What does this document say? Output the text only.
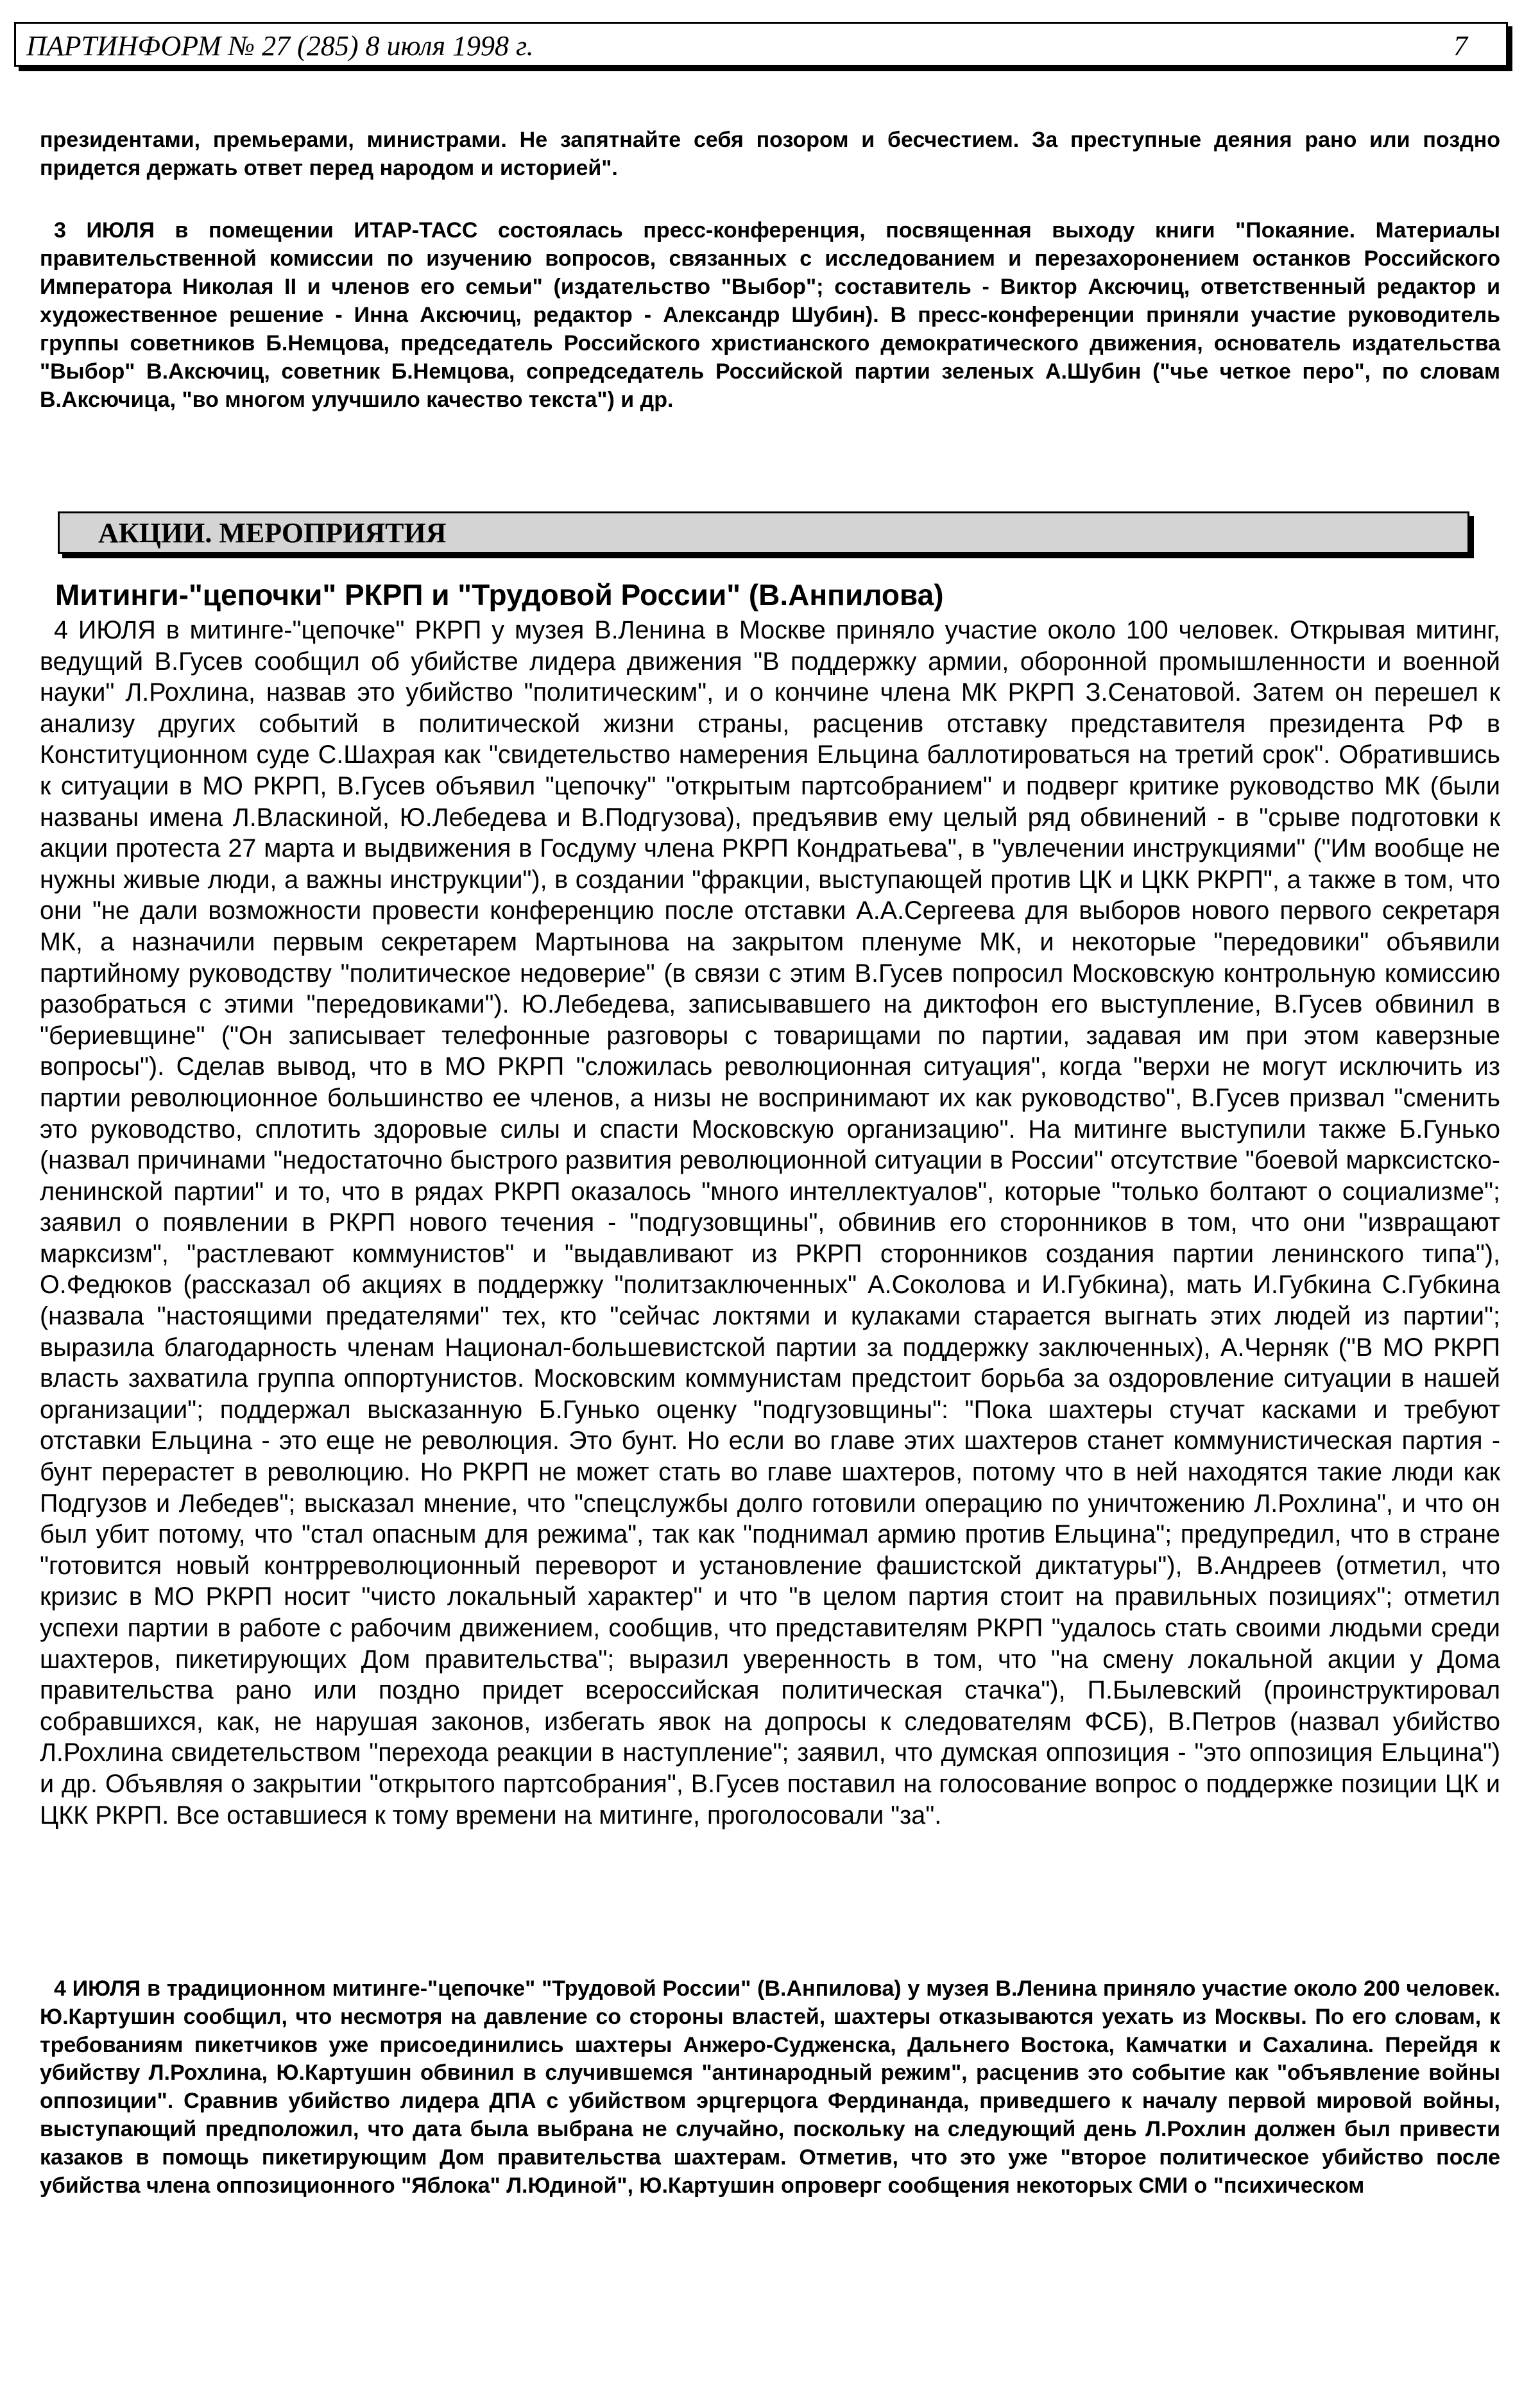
ПАРТИНФОРМ № 27 (285) 8 июля 1998 г.	7

президентами, премьерами, министрами. Не запятнайте себя позором и бесчестием. За преступные деяния рано или поздно придется держать ответ перед народом и историей".

3 ИЮЛЯ в помещении ИТАР-ТАСС состоялась пресс-конференция, посвященная выходу книги "Покаяние. Материалы правительственной комиссии по изучению вопросов, связанных с исследованием и перезахоронением останков Российского Императора Николая II и членов его семьи" (издательство "Выбор"; составитель - Виктор Аксючиц, ответственный редактор и художественное решение - Инна Аксючиц, редактор - Александр Шубин). В пресс-конференции приняли участие руководитель группы советников Б.Немцова, председатель Российского христианского демократического движения, основатель издательства "Выбор" В.Аксючиц, советник Б.Немцова, сопредседатель Российской партии зеленых А.Шубин ("чье четкое перо", по словам В.Аксючица, "во многом улучшило качество текста") и др.

АКЦИИ. МЕРОПРИЯТИЯ
Митинги-"цепочки" РКРП и "Трудовой России" (В.Анпилова)

4 ИЮЛЯ в митинге-"цепочке" РКРП у музея В.Ленина в Москве приняло участие около 100 человек. Открывая митинг, ведущий В.Гусев сообщил об убийстве лидера движения "В поддержку армии, оборонной промышленности и военной науки" Л.Рохлина, назвав это убийство "политическим", и о кончине члена МК РКРП З.Сенатовой. Затем он перешел к анализу других событий в политической жизни страны, расценив отставку представителя президента РФ в Конституционном суде С.Шахрая как "свидетельство намерения Ельцина баллотироваться на третий срок". Обратившись к ситуации в МО РКРП, В.Гусев объявил "цепочку" "открытым партсобранием" и подверг критике руководство МК (были названы имена Л.Власкиной, Ю.Лебедева и В.Подгузова), предъявив ему целый ряд обвинений - в "срыве подготовки к акции протеста 27 марта и выдвижения в Госдуму члена РКРП Кондратьева", в "увлечении инструкциями" ("Им вообще не нужны живые люди, а важны инструкции"), в создании "фракции, выступающей против ЦК и ЦКК РКРП", а также в том, что они "не дали возможности провести конференцию после отставки А.А.Сергеева для выборов нового первого секретаря МК, а назначили первым секретарем Мартынова на закрытом пленуме МК, и некоторые "передовики" объявили партийному руководству "политическое недоверие" (в связи с этим В.Гусев попросил Московскую контрольную комиссию разобраться с этими "передовиками"). Ю.Лебедева, записывавшего на диктофон его выступление, В.Гусев обвинил в "бериевщине" ("Он записывает телефонные разговоры с товарищами по партии, задавая им при этом каверзные вопросы"). Сделав вывод, что в МО РКРП "сложилась революционная ситуация", когда "верхи не могут исключить из партии революционное большинство ее членов, а низы не воспринимают их как руководство", В.Гусев призвал "сменить это руководство, сплотить здоровые силы и спасти Московскую организацию". На митинге выступили также Б.Гунько (назвал причинами "недостаточно быстрого развития революционной ситуации в России" отсутствие "боевой марксистско-ленинской партии" и то, что в рядах РКРП оказалось "много интеллектуалов", которые "только болтают о социализме"; заявил о появлении в РКРП нового течения - "подгузовщины", обвинив его сторонников в том, что они "извращают марксизм", "растлевают коммунистов" и "выдавливают из РКРП сторонников создания партии ленинского типа"), О.Федюков (рассказал об акциях в поддержку "политзаключенных" А.Соколова и И.Губкина), мать И.Губкина С.Губкина (назвала "настоящими предателями" тех, кто "сейчас локтями и кулаками старается выгнать этих людей из партии"; выразила благодарность членам Национал-большевистской партии за поддержку заключенных), А.Черняк ("В МО РКРП власть захватила группа оппортунистов. Московским коммунистам предстоит борьба за оздоровление ситуации в нашей организации"; поддержал высказанную Б.Гунько оценку "подгузовщины": "Пока шахтеры стучат касками и требуют отставки Ельцина - это еще не революция. Это бунт. Но если во главе этих шахтеров станет коммунистическая партия - бунт перерастет в революцию. Но РКРП не может стать во главе шахтеров, потому что в ней находятся такие люди как Подгузов и Лебедев"; высказал мнение, что "спецслужбы долго готовили операцию по уничтожению Л.Рохлина", и что он был убит потому, что "стал опасным для режима", так как "поднимал армию против Ельцина"; предупредил, что в стране "готовится новый контрреволюционный переворот и установление фашистской диктатуры"), В.Андреев (отметил, что кризис в МО РКРП носит "чисто локальный характер" и что "в целом партия стоит на правильных позициях"; отметил успехи партии в работе с рабочим движением, сообщив, что представителям РКРП "удалось стать своими людьми среди шахтеров, пикетирующих Дом правительства"; выразил уверенность в том, что "на смену локальной акции у Дома правительства рано или поздно придет всероссийская политическая стачка"), П.Былевский (проинструктировал собравшихся, как, не нарушая законов, избегать явок на допросы к следователям ФСБ), В.Петров (назвал убийство Л.Рохлина свидетельством "перехода реакции в наступление"; заявил, что думская оппозиция - "это оппозиция Ельцина") и др. Объявляя о закрытии "открытого партсобрания", В.Гусев поставил на голосование вопрос о поддержке позиции ЦК и ЦКК РКРП. Все оставшиеся к тому времени на митинге, проголосовали "за".

4 ИЮЛЯ в традиционном митинге-"цепочке" "Трудовой России" (В.Анпилова) у музея В.Ленина приняло участие около 200 человек. Ю.Картушин сообщил, что несмотря на давление со стороны властей, шахтеры отказываются уехать из Москвы. По его словам, к требованиям пикетчиков уже присоединились шахтеры Анжеро-Судженска, Дальнего Востока, Камчатки и Сахалина. Перейдя к убийству Л.Рохлина, Ю.Картушин обвинил в случившемся "антинародный режим", расценив это событие как "объявление войны оппозиции". Сравнив убийство лидера ДПА с убийством эрцгерцога Фердинанда, приведшего к началу первой мировой войны, выступающий предположил, что дата была выбрана не случайно, поскольку на следующий день Л.Рохлин должен был привести казаков в помощь пикетирующим Дом правительства шахтерам. Отметив, что это уже "второе политическое убийство после убийства члена оппозиционного "Яблока" Л.Юдиной", Ю.Картушин опроверг сообщения некоторых СМИ о "психическом
